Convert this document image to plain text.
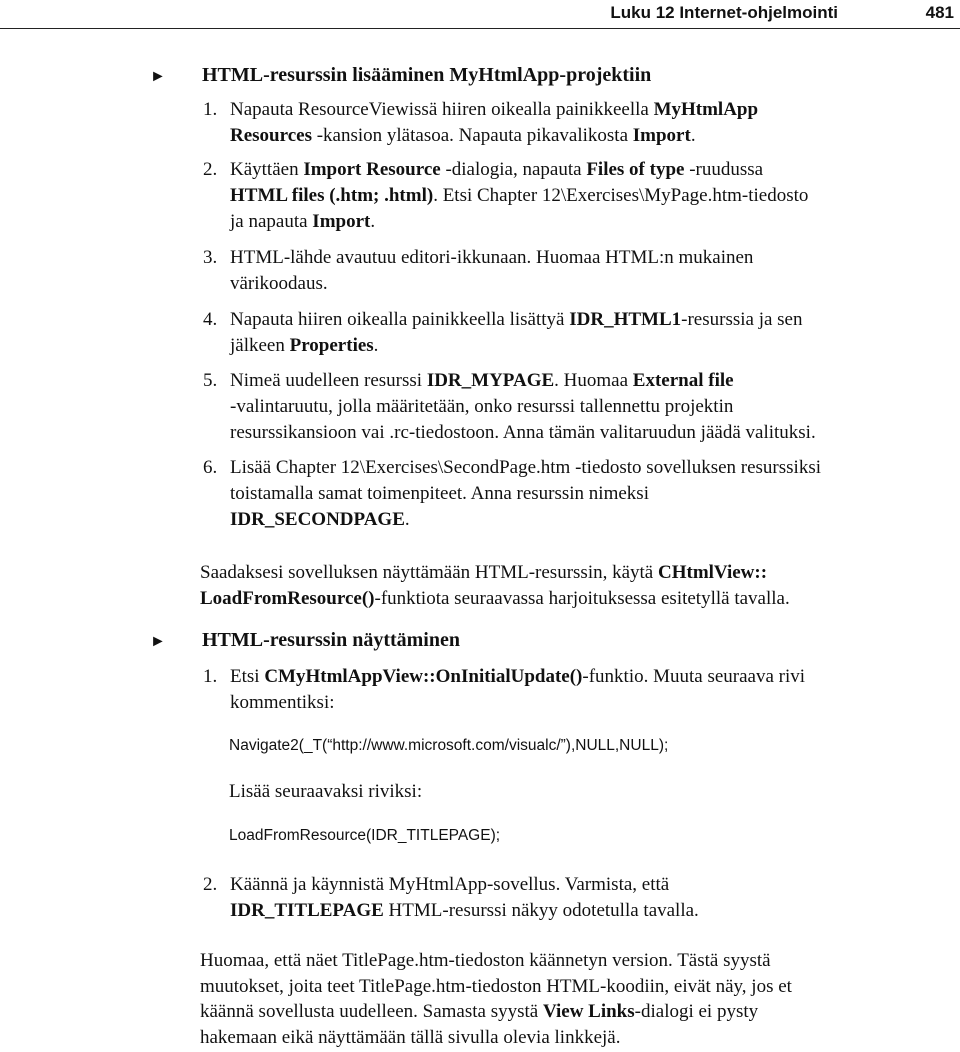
Luku 12 Internet-ohjelmointi	481
► HTML-resurssin lisääminen MyHtmlApp-projektiin
1. Napauta ResourceViewissä hiiren oikealla painikkeella MyHtmlApp
Resources -kansion ylätasoa. Napauta pikavalikosta Import.
2. Käyttäen Import Resource -dialogia, napauta Files of type -ruudussa
HTML files (.htm; .html). Etsi Chapter 12\Exercises\MyPage.htm-tiedosto
ja napauta Import.
3. HTML-lähde avautuu editori-ikkunaan. Huomaa HTML:n mukainen
värikoodaus.
4. Napauta hiiren oikealla painikkeella lisättyä IDR_HTML1-resurssia ja sen
jälkeen Properties.
5. Nimeä uudelleen resurssi IDR_MYPAGE. Huomaa External file
-valintaruutu, jolla määritetään, onko resurssi tallennettu projektin
resurssikansioon vai .rc-tiedostoon. Anna tämän valitaruudun jäädä valituksi.
6. Lisää Chapter 12\Exercises\SecondPage.htm -tiedosto sovelluksen resurssiksi
toistamalla samat toimenpiteet. Anna resurssin nimeksi
IDR_SECONDPAGE.
Saadaksesi sovelluksen näyttämään HTML-resurssin, käytä CHtmlView::
LoadFromResource()-funktiota seuraavassa harjoituksessa esitetyllä tavalla.
► HTML-resurssin näyttäminen
1. Etsi CMyHtmlAppView::OnInitialUpdate()-funktio. Muuta seuraava rivi
kommentiksi:
Navigate2(_T(“http://www.microsoft.com/visualc/”),NULL,NULL);
Lisää seuraavaksi riviksi:
LoadFromResource(IDR_TITLEPAGE);
2. Käännä ja käynnistä MyHtmlApp-sovellus. Varmista, että
IDR_TITLEPAGE HTML-resurssi näkyy odotetulla tavalla.
Huomaa, että näet TitlePage.htm-tiedoston käännetyn version. Tästä syystä
muutokset, joita teet TitlePage.htm-tiedoston HTML-koodiin, eivät näy, jos et
käännä sovellusta uudelleen. Samasta syystä View Links-dialogi ei pysty
hakemaan eikä näyttämään tällä sivulla olevia linkkejä.
